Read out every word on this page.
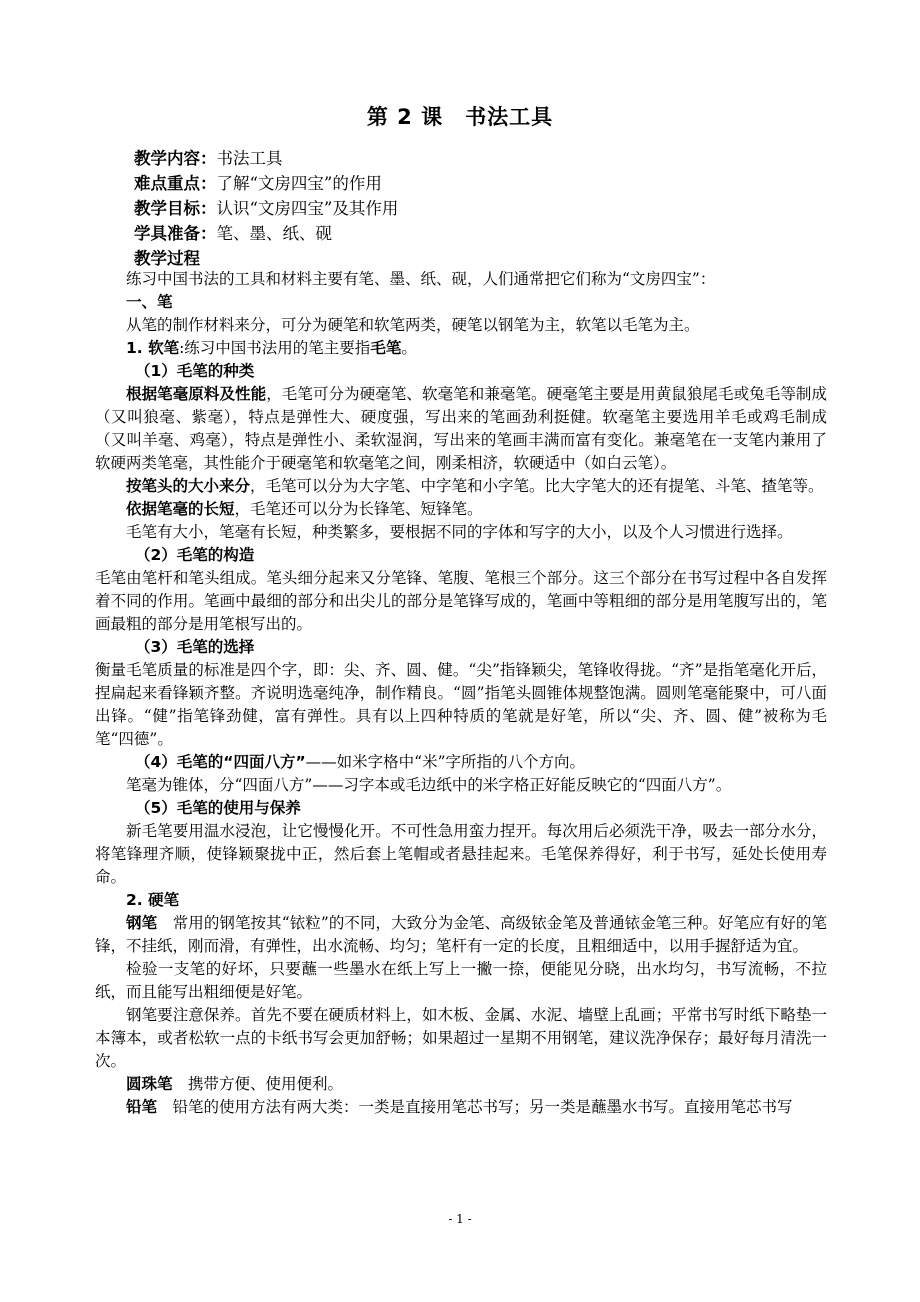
第 2 课　书法工具
教学内容：书法工具
难点重点：了解“文房四宝”的作用
教学目标：认识“文房四宝”及其作用
学具准备：笔、墨、纸、砚
教学过程

练习中国书法的工具和材料主要有笔、墨、纸、砚，人们通常把它们称为“文房四宝”：

一、笔

从笔的制作材料来分，可分为硬笔和软笔两类，硬笔以钢笔为主，软笔以毛笔为主。

1. 软笔:练习中国书法用的笔主要指毛笔。

（1）毛笔的种类

根据笔毫原料及性能，毛笔可分为硬毫笔、软毫笔和兼毫笔。硬毫笔主要是用黄鼠狼尾毛或兔毛等制成（又叫狼毫、紫毫），特点是弹性大、硬度强，写出来的笔画劲利挺健。软毫笔主要选用羊毛或鸡毛制成（又叫羊毫、鸡毫），特点是弹性小、柔软湿润，写出来的笔画丰满而富有变化。兼毫笔在一支笔内兼用了软硬两类笔毫，其性能介于硬毫笔和软毫笔之间，刚柔相济，软硬适中（如白云笔）。

按笔头的大小来分，毛笔可以分为大字笔、中字笔和小字笔。比大字笔大的还有提笔、斗笔、揸笔等。

依据笔毫的长短，毛笔还可以分为长锋笔、短锋笔。

毛笔有大小，笔毫有长短，种类繁多，要根据不同的字体和写字的大小，以及个人习惯进行选择。

（2）毛笔的构造

毛笔由笔杆和笔头组成。笔头细分起来又分笔锋、笔腹、笔根三个部分。这三个部分在书写过程中各自发挥着不同的作用。笔画中最细的部分和出尖儿的部分是笔锋写成的，笔画中等粗细的部分是用笔腹写出的，笔画最粗的部分是用笔根写出的。

（3）毛笔的选择

衡量毛笔质量的标准是四个字，即：尖、齐、圆、健。“尖”指锋颖尖，笔锋收得拢。“齐”是指笔毫化开后，捏扁起来看锋颖齐整。齐说明选毫纯净，制作精良。“圆”指笔头圆锥体规整饱满。圆则笔毫能聚中，可八面出锋。“健”指笔锋劲健，富有弹性。具有以上四种特质的笔就是好笔，所以“尖、齐、圆、健”被称为毛笔“四德”。

（4）毛笔的“四面八方”——如米字格中“米”字所指的八个方向。

笔毫为锥体，分“四面八方”——习字本或毛边纸中的米字格正好能反映它的“四面八方”。

（5）毛笔的使用与保养

新毛笔要用温水浸泡，让它慢慢化开。不可性急用蛮力捏开。每次用后必须洗干净，吸去一部分水分，将笔锋理齐顺，使锋颖聚拢中正，然后套上笔帽或者悬挂起来。毛笔保养得好，利于书写，延处长使用寿命。

2. 硬笔

钢笔　常用的钢笔按其“铱粒”的不同，大致分为金笔、高级铱金笔及普通铱金笔三种。好笔应有好的笔锋，不挂纸，刚而滑，有弹性，出水流畅、均匀；笔杆有一定的长度，且粗细适中，以用手握舒适为宜。

检验一支笔的好坏，只要蘸一些墨水在纸上写上一撇一捺，便能见分晓，出水均匀，书写流畅，不拉纸，而且能写出粗细便是好笔。

钢笔要注意保养。首先不要在硬质材料上，如木板、金属、水泥、墙壁上乱画；平常书写时纸下略垫一本簿本，或者松软一点的卡纸书写会更加舒畅；如果超过一星期不用钢笔，建议洗净保存；最好每月清洗一次。

圆珠笔　携带方便、使用便利。

铅笔　铅笔的使用方法有两大类：一类是直接用笔芯书写；另一类是蘸墨水书写。直接用笔芯书写

- 1 -
